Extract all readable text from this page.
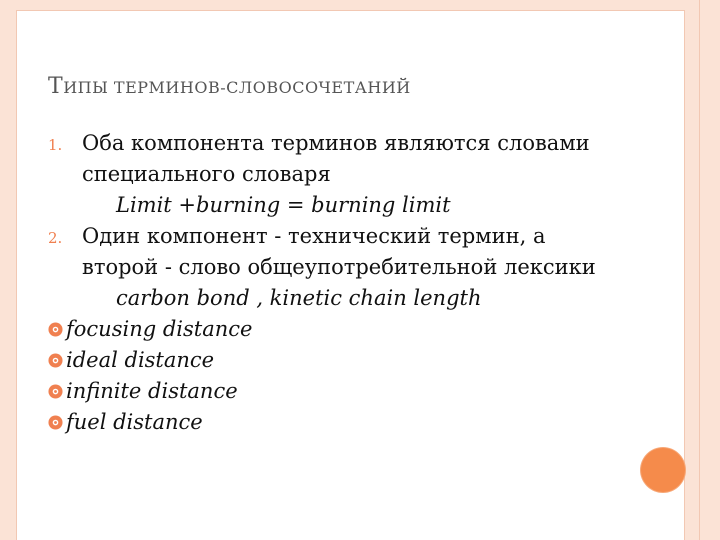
ТИПЫ ТЕРМИНОВ-СЛОВОСОЧЕТАНИЙ
1. Оба компонента терминов являются словами
специального словаря
Limit +burning = burning limit
2. Один компонент - технический термин, а
второй - слово общеупотребительной лексики
carbon bond , kinetic chain length
focusing distance
ideal distance
infinite distance
fuel distance
